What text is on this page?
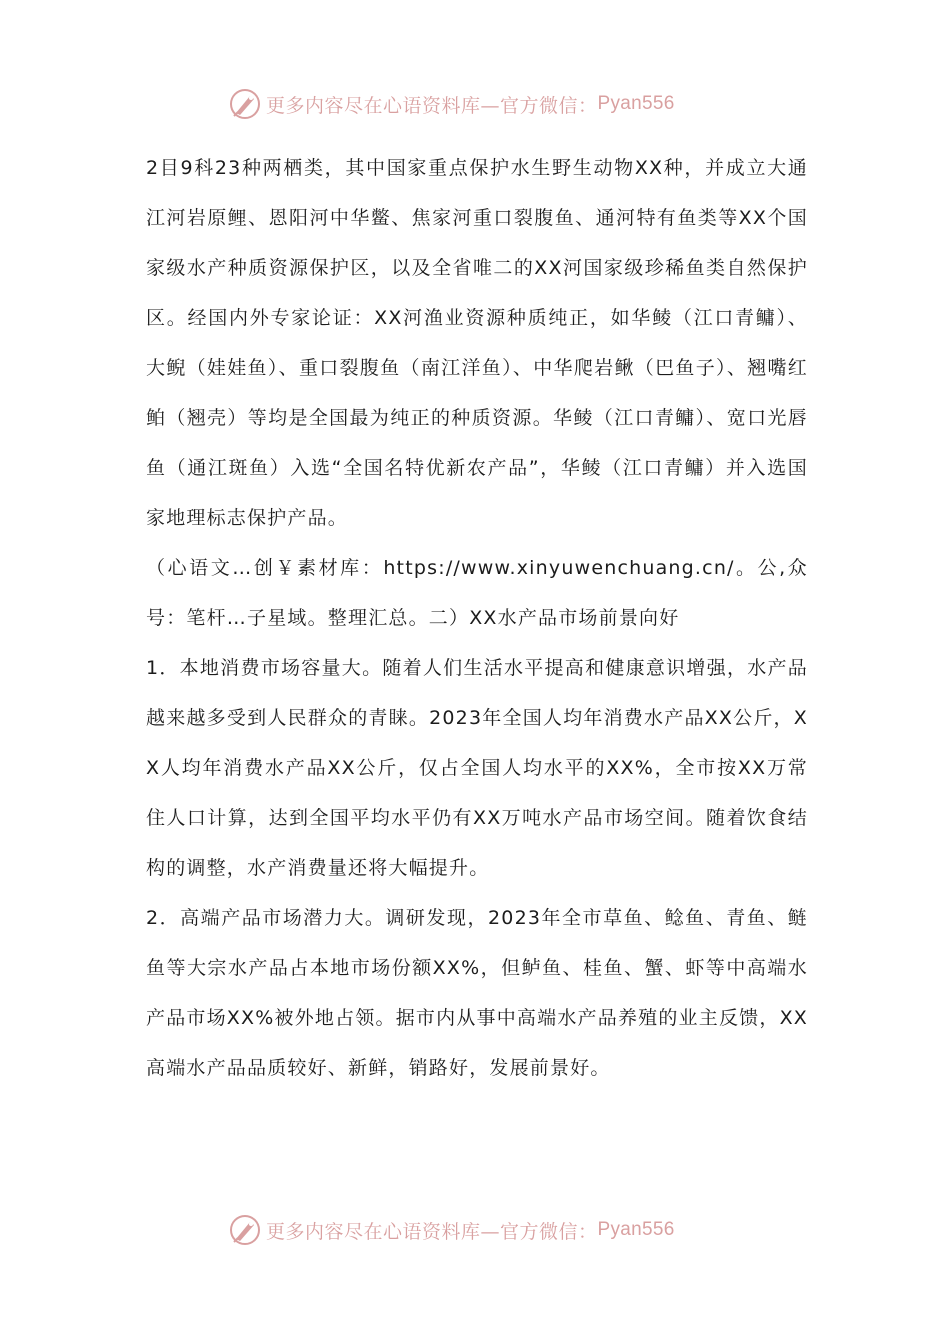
更多内容尽在心语资料库—官方微信： Pyan556

2目9科23种两栖类，其中国家重点保护水生野生动物XX种，并成立大通江河岩原鲤、恩阳河中华鳖、焦家河重口裂腹鱼、通河特有鱼类等XX个国家级水产种质资源保护区，以及全省唯二的XX河国家级珍稀鱼类自然保护区。经国内外专家论证：XX河渔业资源种质纯正，如华鲮（江口青鳙）、大鲵（娃娃鱼）、重口裂腹鱼（南江洋鱼）、中华爬岩鳅（巴鱼子）、翘嘴红鲌（翘壳）等均是全国最为纯正的种质资源。华鲮（江口青鳙）、宽口光唇鱼（通江斑鱼）入选“全国名特优新农产品”，华鲮（江口青鳙）并入选国家地理标志保护产品。

（心语文…创￥素材库：https://www.xinyuwenchuang.cn/。公,众号：笔杆…子星域。整理汇总。二）XX水产品市场前景向好

1．本地消费市场容量大。随着人们生活水平提高和健康意识增强，水产品越来越多受到人民群众的青睐。2023年全国人均年消费水产品XX公斤，XX人均年消费水产品XX公斤，仅占全国人均水平的XX%，全市按XX万常住人口计算，达到全国平均水平仍有XX万吨水产品市场空间。随着饮食结构的调整，水产消费量还将大幅提升。

2．高端产品市场潜力大。调研发现，2023年全市草鱼、鲶鱼、青鱼、鲢鱼等大宗水产品占本地市场份额XX%，但鲈鱼、桂鱼、蟹、虾等中高端水产品市场XX%被外地占领。据市内从事中高端水产品养殖的业主反馈，XX高端水产品品质较好、新鲜，销路好，发展前景好。

更多内容尽在心语资料库—官方微信： Pyan556
